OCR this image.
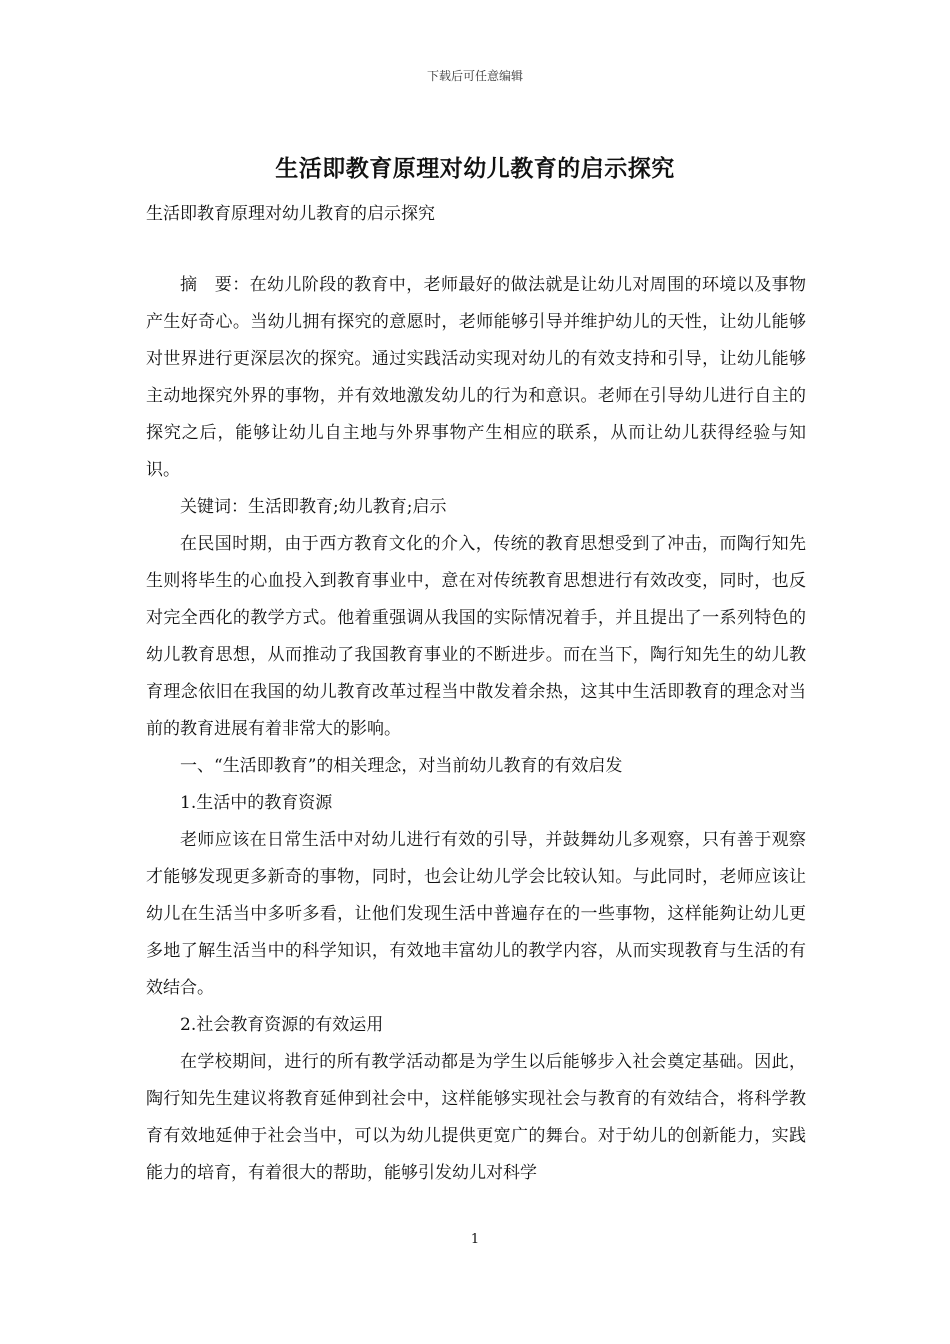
下载后可任意编辑
生活即教育原理对幼儿教育的启示探究

生活即教育原理对幼儿教育的启示探究

摘　要：在幼儿阶段的教育中，老师最好的做法就是让幼儿对周围的环境以及事物产生好奇心。当幼儿拥有探究的意愿时，老师能够引导并维护幼儿的天性，让幼儿能够对世界进行更深层次的探究。通过实践活动实现对幼儿的有效支持和引导，让幼儿能够主动地探究外界的事物，并有效地激发幼儿的行为和意识。老师在引导幼儿进行自主的探究之后，能够让幼儿自主地与外界事物产生相应的联系，从而让幼儿获得经验与知识。

关键词：生活即教育;幼儿教育;启示

在民国时期，由于西方教育文化的介入，传统的教育思想受到了冲击，而陶行知先生则将毕生的心血投入到教育事业中，意在对传统教育思想进行有效改变，同时，也反对完全西化的教学方式。他着重强调从我国的实际情况着手，并且提出了一系列特色的幼儿教育思想，从而推动了我国教育事业的不断进步。而在当下，陶行知先生的幼儿教育理念依旧在我国的幼儿教育改革过程当中散发着余热，这其中生活即教育的理念对当前的教育进展有着非常大的影响。

一、“生活即教育”的相关理念，对当前幼儿教育的有效启发

1.生活中的教育资源

老师应该在日常生活中对幼儿进行有效的引导，并鼓舞幼儿多观察，只有善于观察才能够发现更多新奇的事物，同时，也会让幼儿学会比较认知。与此同时，老师应该让幼儿在生活当中多听多看，让他们发现生活中普遍存在的一些事物，这样能夠让幼儿更多地了解生活当中的科学知识，有效地丰富幼儿的教学内容，从而实现教育与生活的有效结合。

2.社会教育资源的有效运用

在学校期间，进行的所有教学活动都是为学生以后能够步入社会奠定基础。因此，陶行知先生建议将教育延伸到社会中，这样能够实现社会与教育的有效结合，将科学教育有效地延伸于社会当中，可以为幼儿提供更宽广的舞台。对于幼儿的创新能力，实践能力的培育，有着很大的帮助，能够引发幼儿对科学

1
